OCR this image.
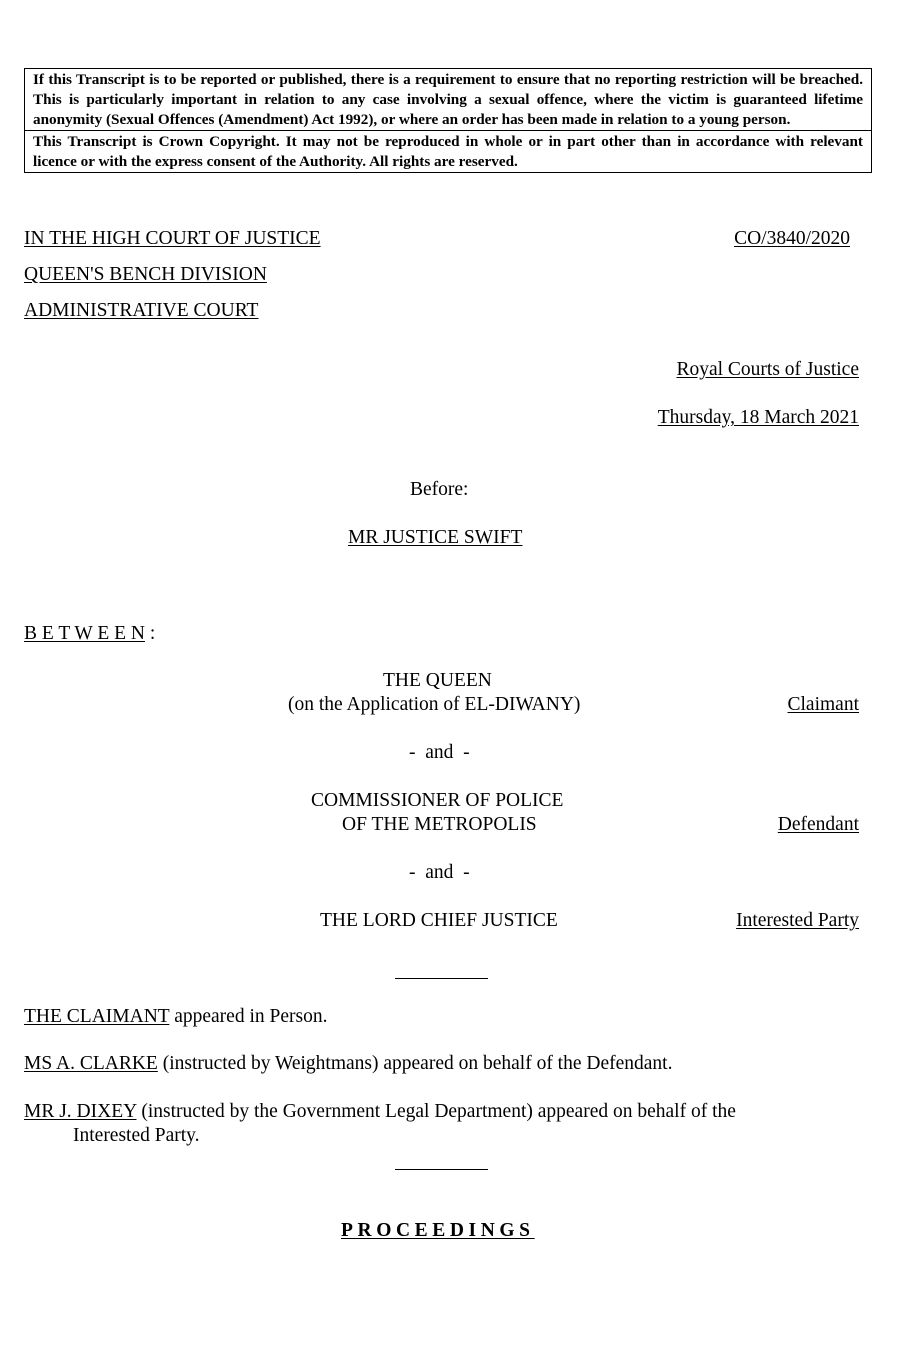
If this Transcript is to be reported or published, there is a requirement to ensure that no reporting restriction will be breached. This is particularly important in relation to any case involving a sexual offence, where the victim is guaranteed lifetime anonymity (Sexual Offences (Amendment) Act 1992), or where an order has been made in relation to a young person.
This Transcript is Crown Copyright. It may not be reproduced in whole or in part other than in accordance with relevant licence or with the express consent of the Authority. All rights are reserved.
IN THE HIGH COURT OF JUSTICE
QUEEN'S BENCH DIVISION
ADMINISTRATIVE COURT
CO/3840/2020
Royal Courts of Justice
Thursday, 18 March 2021
Before:
MR JUSTICE SWIFT
B E T W E E N :
THE QUEEN
(on the Application of EL-DIWANY)	Claimant
-  and  -
COMMISSIONER OF POLICE
OF THE METROPOLIS	Defendant
-  and  -
THE LORD CHIEF JUSTICE	Interested Party
THE CLAIMANT appeared in Person.
MS A. CLARKE (instructed by Weightmans) appeared on behalf of the Defendant.
MR J. DIXEY (instructed by the Government Legal Department) appeared on behalf of the
Interested Party.
PROCEEDINGS
